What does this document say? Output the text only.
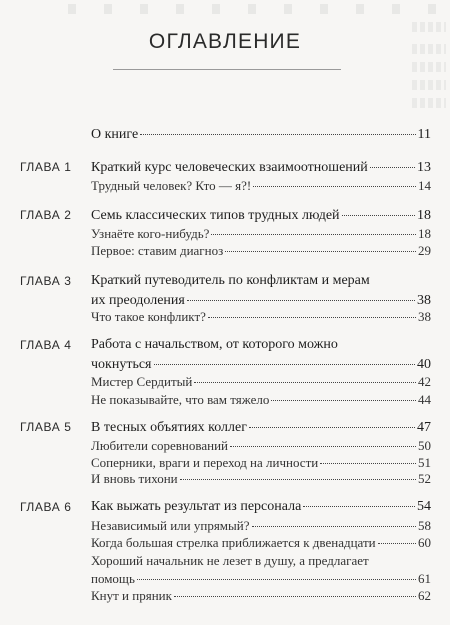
ОГЛАВЛЕНИЕ
О книге	11
ГЛАВА 1 Краткий курс человеческих взаимоотношений	13
Трудный человек? Кто — я?!	14
ГЛАВА 2 Семь классических типов трудных людей	18
Узнаёте кого-нибудь?	18
Первое: ставим диагноз	29
ГЛАВА 3 Краткий путеводитель по конфликтам и мерам
их преодоления	38
Что такое конфликт?	38
ГЛАВА 4 Работа с начальством, от которого можно
чокнуться	40
Мистер Сердитый	42
Не показывайте, что вам тяжело	44
ГЛАВА 5 В тесных объятиях коллег	47
Любители соревнований	50
Соперники, враги и переход на личности	51
И вновь тихони	52
ГЛАВА 6 Как выжать результат из персонала	54
Независимый или упрямый?	58
Когда большая стрелка приближается к двенадцати	60
Хороший начальник не лезет в душу, а предлагает
помощь	61
Кнут и пряник	62
